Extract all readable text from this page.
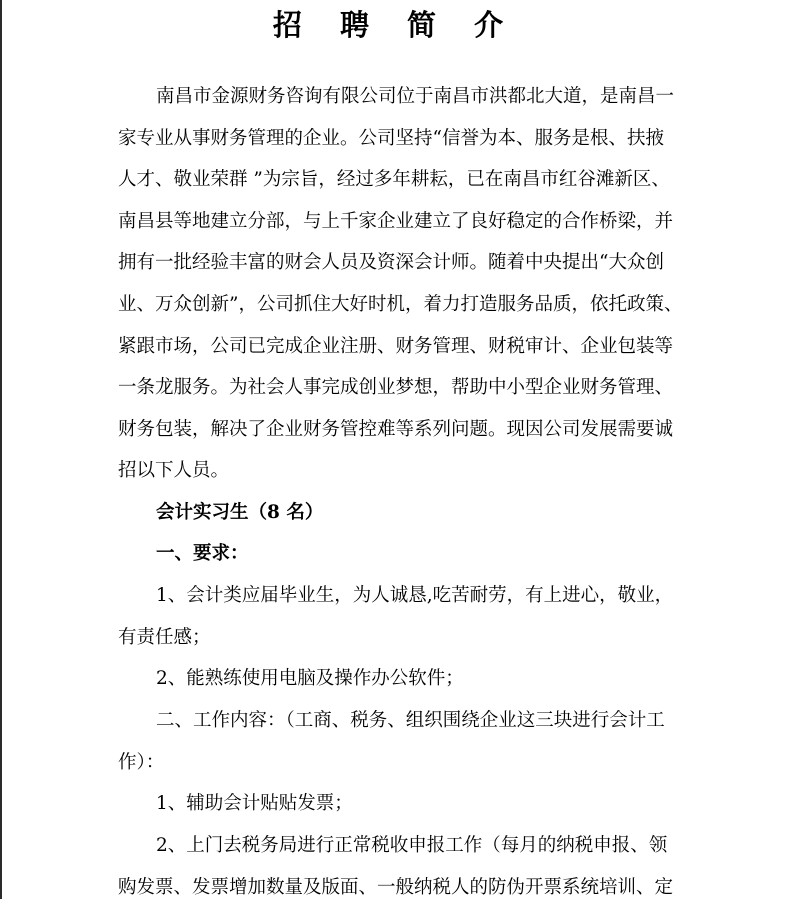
招 聘 简 介
南昌市金源财务咨询有限公司位于南昌市洪都北大道，是南昌一
家专业从事财务管理的企业。公司坚持“信誉为本、服务是根、扶掖
人才、敬业荣群 ”为宗旨，经过多年耕耘，已在南昌市红谷滩新区、
南昌县等地建立分部，与上千家企业建立了良好稳定的合作桥梁，并
拥有一批经验丰富的财会人员及资深会计师。随着中央提出“大众创
业、万众创新”，公司抓住大好时机，着力打造服务品质，依托政策、
紧跟市场，公司已完成企业注册、财务管理、财税审计、企业包装等
一条龙服务。为社会人事完成创业梦想，帮助中小型企业财务管理、
财务包装，解决了企业财务管控难等系列问题。现因公司发展需要诚
招以下人员。
会计实习生（8 名）
一、要求：
1、会计类应届毕业生，为人诚恳,吃苦耐劳，有上进心，敬业，
有责任感；
2、能熟练使用电脑及操作办公软件；
二、工作内容：（工商、税务、组织围绕企业这三块进行会计工
作）：
1、辅助会计贴贴发票；
2、上门去税务局进行正常税收申报工作（每月的纳税申报、领
购发票、发票增加数量及版面、一般纳税人的防伪开票系统培训、定
